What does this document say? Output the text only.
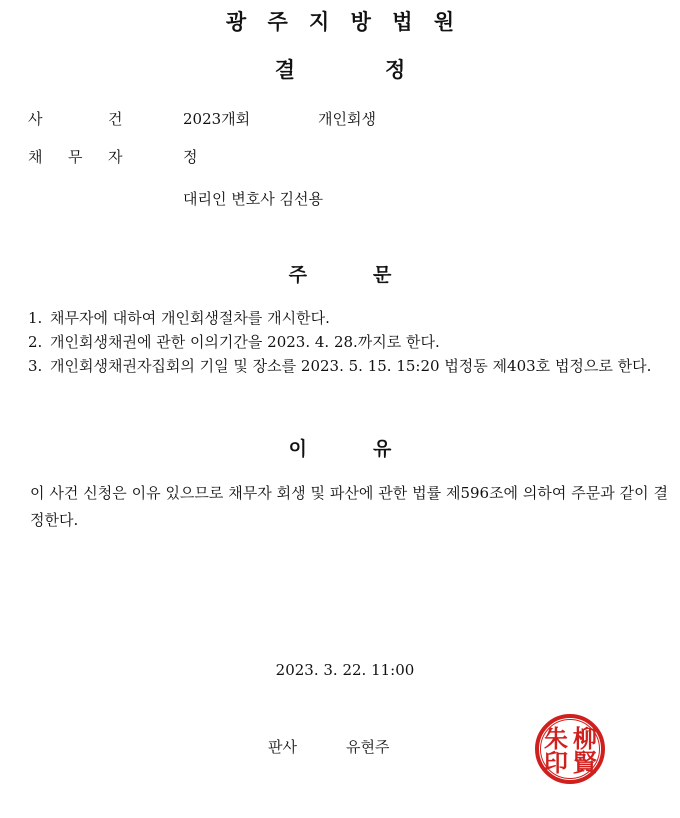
광 주 지 방 법 원
결	정
사	건	2023개회	개인회생
채 무 자	정
대리인 변호사 김선용
주	문
1. 채무자에 대하여 개인회생절차를 개시한다.
2. 개인회생채권에 관한 이의기간을 2023. 4. 28.까지로 한다.
3. 개인회생채권자집회의 기일 및 장소를 2023. 5. 15. 15:20 법정동 제403호 법정으로 한다.
이	유
이 사건 신청은 이유 있으므로 채무자 회생 및 파산에 관한 법률 제596조에 의하여 주문과 같이 결정한다.
2023. 3. 22. 11:00
판사	유현주	柳
賢
朱
印
